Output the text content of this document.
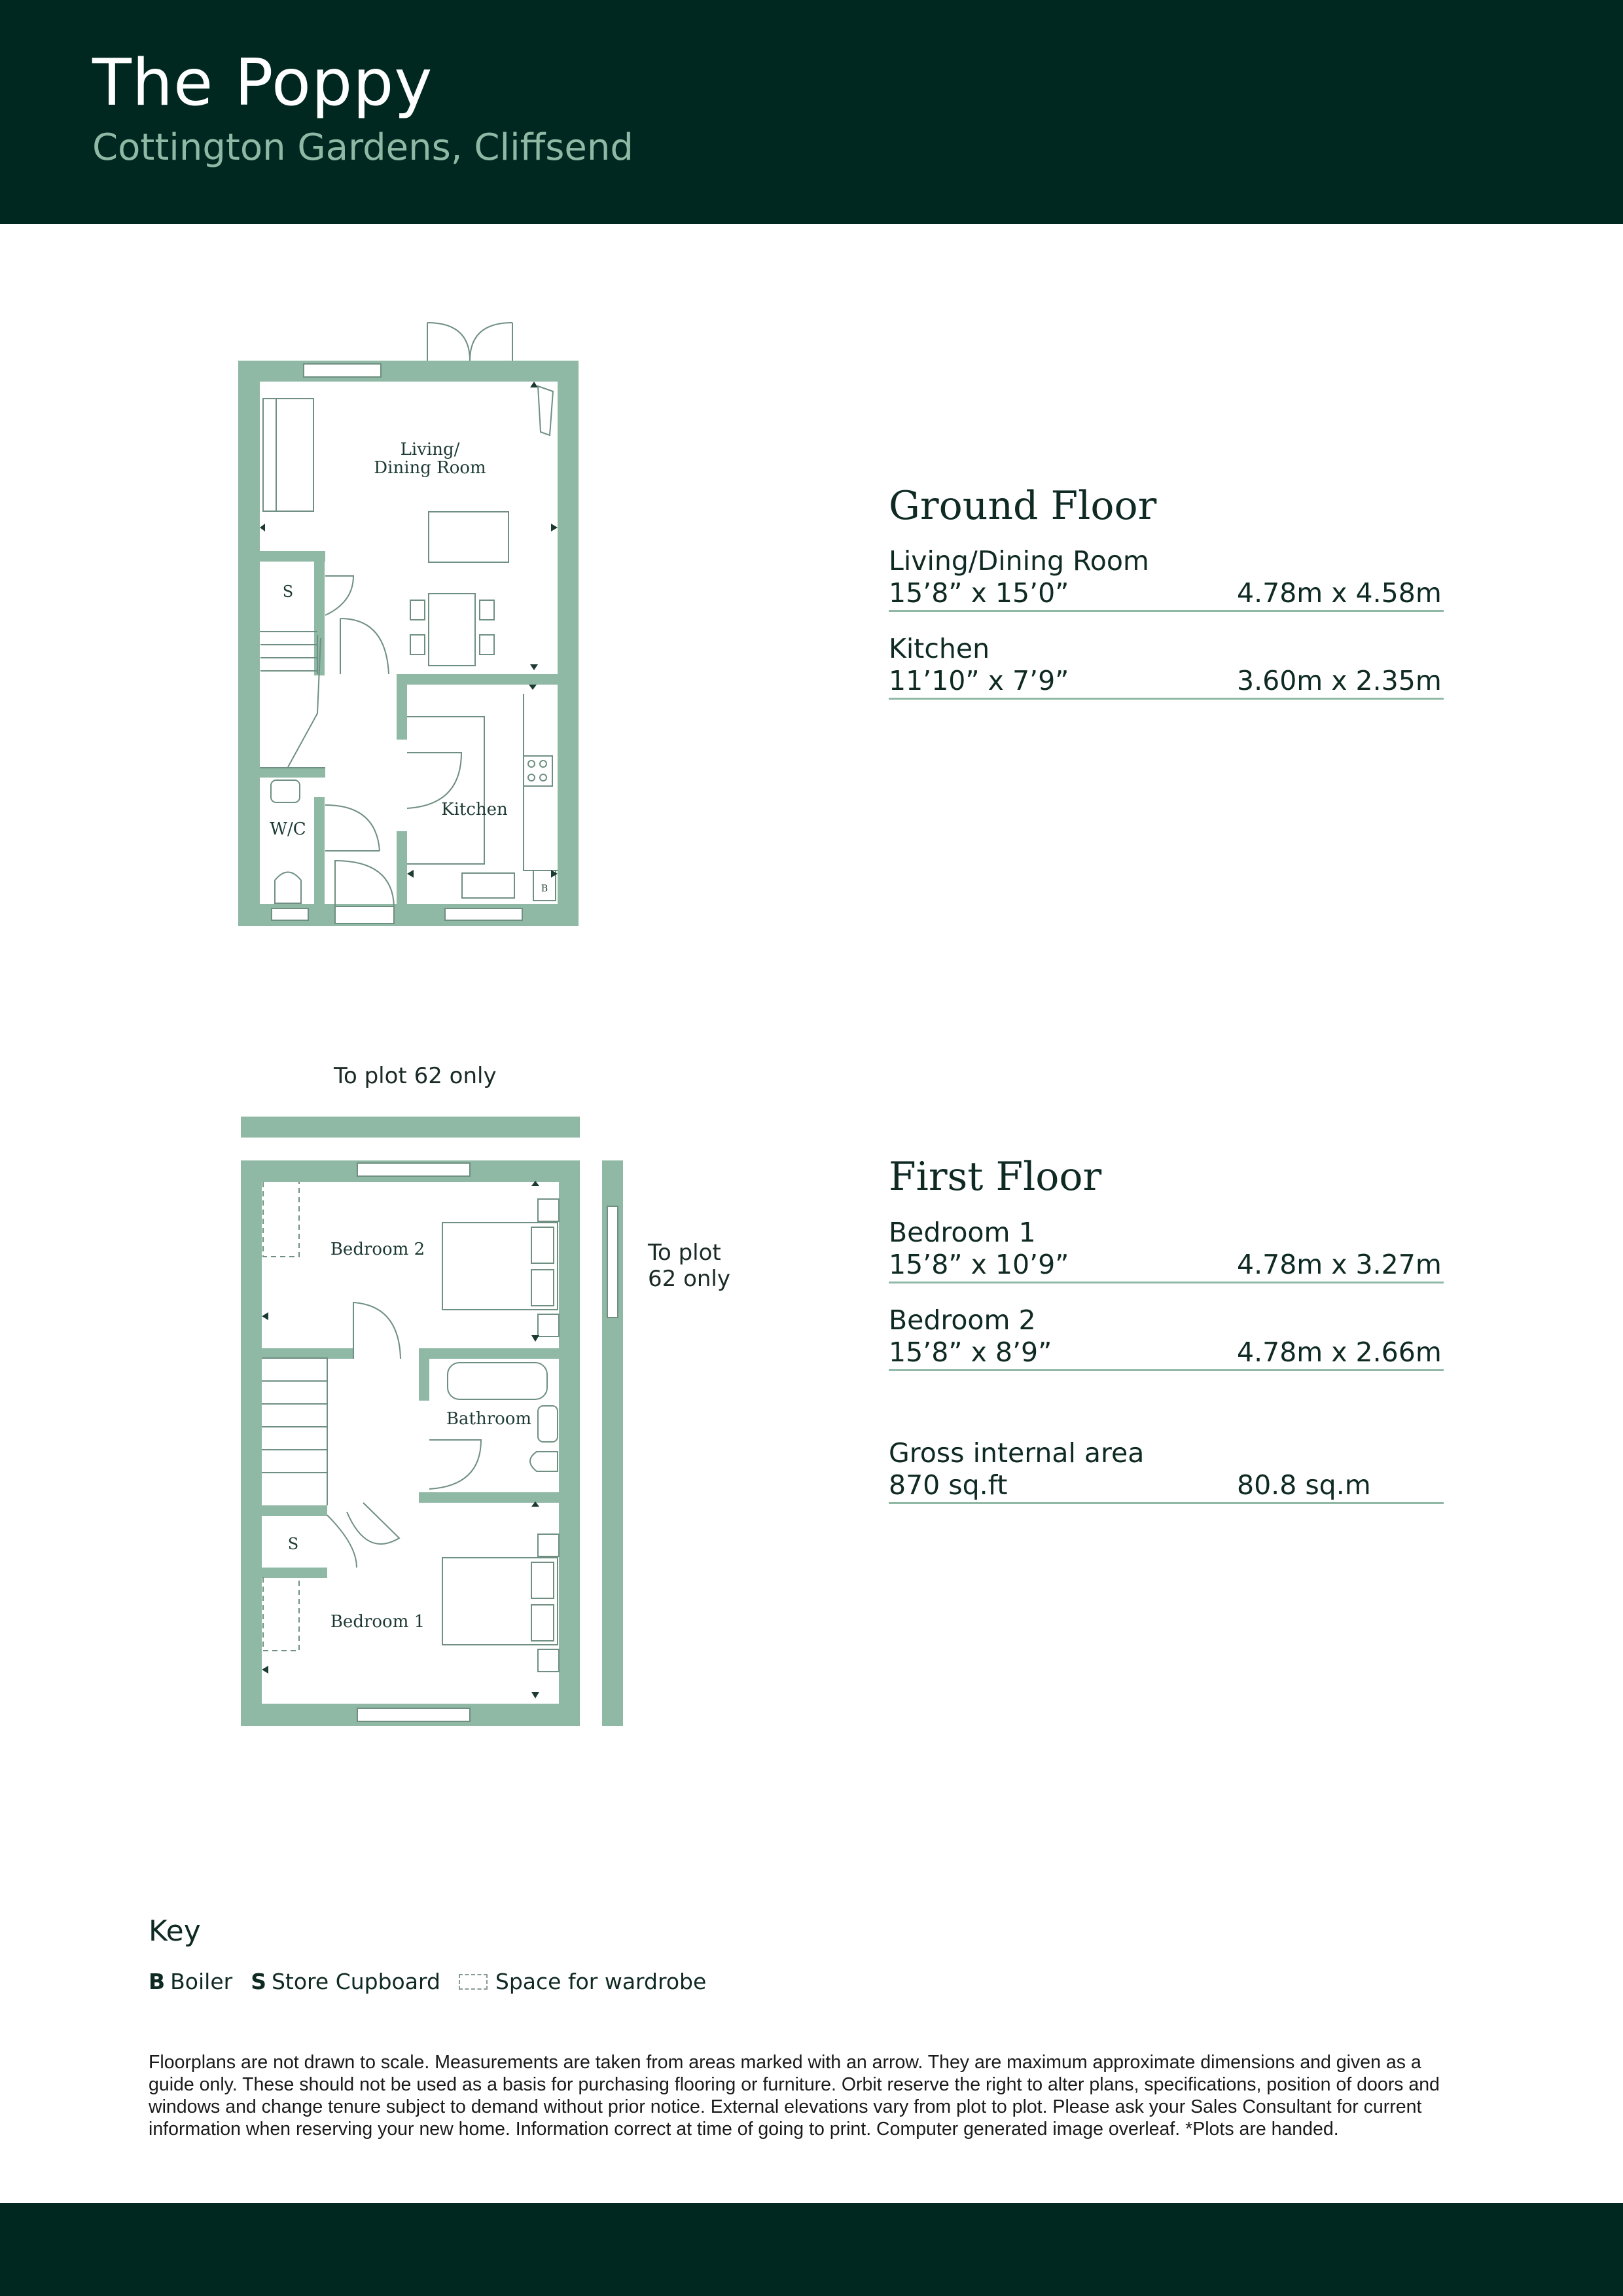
The Poppy
Cottington Gardens, Cliffsend
Living/
Dining Room
S
W/C
Kitchen
B
Bedroom 2
Bathroom
S
Bedroom 1
To plot 62 only
To plot
62 only
Ground Floor
Living/Dining Room
15’8” x 15’0”	4.78m x 4.58m
Kitchen
11’10” x 7’9”	3.60m x 2.35m
First Floor
Bedroom 1
15’8” x 10’9”	4.78m x 3.27m
Bedroom 2
15’8” x 8’9”	4.78m x 2.66m
Gross internal area
870 sq.ft	80.8 sq.m
Key
B Boiler S Store Cupboard	Space for wardrobe
Floorplans are not drawn to scale. Measurements are taken from areas marked with an arrow. They are maximum approximate dimensions and given as a guide only. These should not be used as a basis for purchasing flooring or furniture. Orbit reserve the right to alter plans, specifications, position of doors and windows and change tenure subject to demand without prior notice. External elevations vary from plot to plot. Please ask your Sales Consultant for current information when reserving your new home. Information correct at time of going to print. Computer generated image overleaf. *Plots are handed.
